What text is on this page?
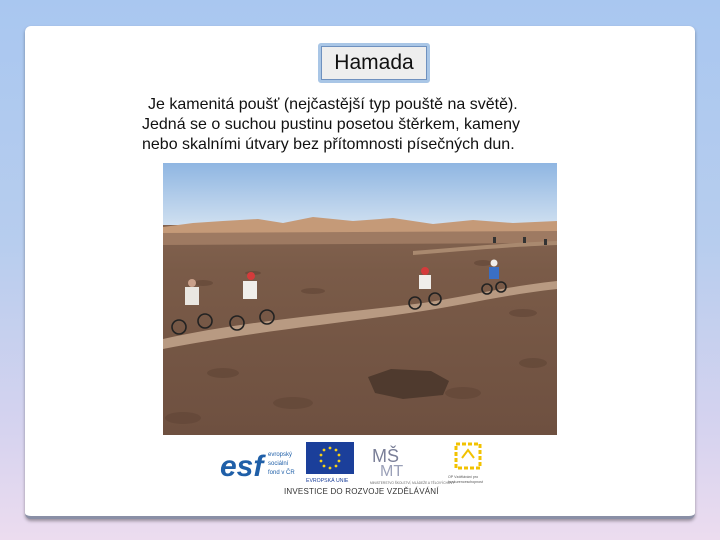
Hamada
Je kamenitá poušť (nejčastější typ pouště na světě).
Jedná se o suchou pustinu posetou štěrkem, kameny
nebo skalními útvary bez přítomnosti písečných dun.
esf evropský
sociální
fond v ČR
EVROPSKÁ UNIE
MŠ
MT
MINISTERSTVO ŠKOLSTVÍ, MLÁDEŽE A TĚLOVÝCHOVY
OP Vzdělávání pro
konkurenceschopnost
INVESTICE DO ROZVOJE VZDĚLÁVÁNÍ
